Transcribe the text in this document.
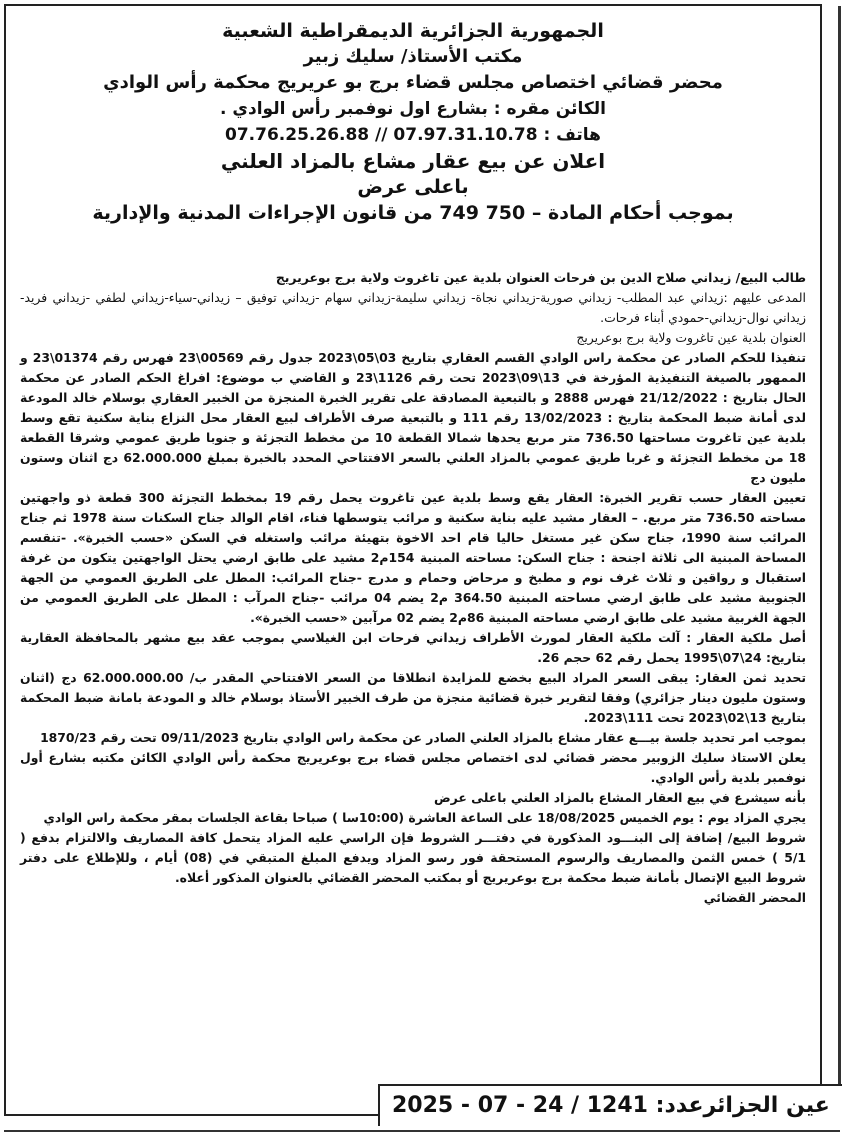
الجمهورية الجزائرية الديمقراطية الشعبية
مكتب الأستاذ/ سليك زبير
محضر قضائي اختصاص مجلس قضاء برج بو عريريج محكمة رأس الوادي
الكائن مقره : بشارع اول نوفمبر رأس الوادي .
هاتف : 07.97.31.10.78 // 07.76.25.26.88
اعلان عن بيع عقار مشاع بالمزاد العلني
باعلى عرض
بموجب أحكام المادة – 750 749 من قانون الإجراءات المدنية والإدارية

طالب البيع/ زيداني صلاح الدين بن فرحات العنوان بلدية عين تاغروت ولاية برج بوعريريج

المدعى عليهم :زيداني عبد المطلب- زيداني صورية-زيداني نجاة- زيداني سليمة-زيداني سهام -زيداني توفيق – زيداني-سياء-زيداني لطفي -زيداني فريد-زيداني نوال-زيداني-حمودي أبناء فرحات.

العنوان بلدية عين تاغروت ولاية برج بوعريريج

تنفيذا للحكم الصادر عن محكمة راس الوادي القسم العقاري بتاريخ 03\05\2023 جدول رقم 00569\23 فهرس رقم 01374\23 و الممهور بالصيغة التنفيذية المؤرخة في 13\09\2023 تحت رقم 1126\23 و القاضي ب موضوع: افراغ الحكم الصادر عن محكمة الحال بتاريخ : 21/12/2022 فهرس 2888 و بالتبعية المصادقة على تقرير الخبرة المنجزة من الخبير العقاري بوسلام خالد المودعة لدى أمانة ضبط المحكمة بتاريخ : 13/02/2023 رقم 111 و بالتبعية صرف الأطراف لبيع العقار محل النزاع بناية سكنية تقع وسط بلدية عين تاغروت مساحتها 736.50 متر مربع يحدها شمالا القطعة 10 من مخطط التجزئة و جنوبا طريق عمومي وشرقا القطعة 18 من مخطط التجزئة و غربا طريق عمومي بالمزاد العلني بالسعر الافتتاحي المحدد بالخبرة بمبلغ 62.000.000 دج اثنان وستون مليون دج

تعيين العقار حسب تقرير الخبرة: العقار يقع وسط بلدية عين تاغروت يحمل رقم 19 بمخطط التجزئة 300 قطعة ذو واجهتين مساحته 736.50 متر مربع. – العقار مشيد عليه بناية سكنية و مرائب يتوسطها فناء، اقام الوالد جناح السكنات سنة 1978 ثم جناح المرائب سنة 1990، جناح سكن غير مستغل حاليا قام احد الاخوة بتهيئة مرائب واستغله في السكن «حسب الخبرة». -تنقسم المساحة المبنية الى ثلاثة اجنحة : جناح السكن: مساحته المبنية 154م2 مشيد على طابق ارضي يحتل الواجهتين يتكون من غرفة استقبال و رواقين و ثلاث غرف نوم و مطبخ و مرحاض وحمام و مدرج -جناح المرائب: المطل على الطريق العمومي من الجهة الجنوبية مشيد على طابق ارضي مساحته المبنية 364.50 م2 يضم 04 مرائب -جناح المرآب : المطل على الطريق العمومي من الجهة الغربية مشيد على طابق ارضي مساحته المبنية 86م2 يضم 02 مرآبين «حسب الخبرة».

أصل ملكية العقار : آلت ملكية العقار لمورث الأطراف زيداني فرحات ابن الغيلاسي بموجب عقد بيع مشهر بالمحافظة العقارية بتاريخ: 24\07\1995 يحمل رقم 62 حجم 26.

تحديد ثمن العقار: يبقى السعر المراد البيع بخضع للمزايدة انطلاقا من السعر الافتتاحي المقدر ب/ 62.000.000.00 دج (اثنان وستون مليون دينار جزائري) وفقا لتقرير خبرة قضائية منجزة من طرف الخبير الأستاذ بوسلام خالد و المودعة بامانة ضبط المحكمة بتاريخ 13\02\2023 تحت 111\2023.

بموجب امر تحديد جلسة بيـــع عقار مشاع بالمزاد العلني الصادر عن محكمة راس الوادي بتاريخ 09/11/2023 تحت رقم 1870/23

يعلن الاستاذ سليك الزوبير محضر قضائي لدى اختصاص مجلس قضاء برج بوعريريج محكمة رأس الوادي الكائن مكتبه بشارع أول نوفمبر بلدية رأس الوادي.

بأنه سيشرع في بيع العقار المشاع بالمزاد العلني باعلى عرض

يجري المزاد يوم : يوم الخميس 18/08/2025 على الساعة العاشرة (10:00سا ) صباحا بقاعة الجلسات بمقر محكمة راس الوادي

شروط البيع/ إضافة إلى البنـــود المذكورة في دفتـــر الشروط فإن الراسي عليه المزاد يتحمل كافة المصاريف والالتزام بدفع ( 5/1 ) خمس الثمن والمصاريف والرسوم المستحقة فور رسو المزاد ويدفع المبلغ المتبقي في (08) أيام ، وللإطلاع على دفتر شروط البيع الإتصال بأمانة ضبط محكمة برج بوعريريج أو بمكتب المحضر القضائي بالعنوان المذكور أعلاه.

المحضر القضائي

عين الجزائرعدد: 1241 / 24 - 07 - 2025
